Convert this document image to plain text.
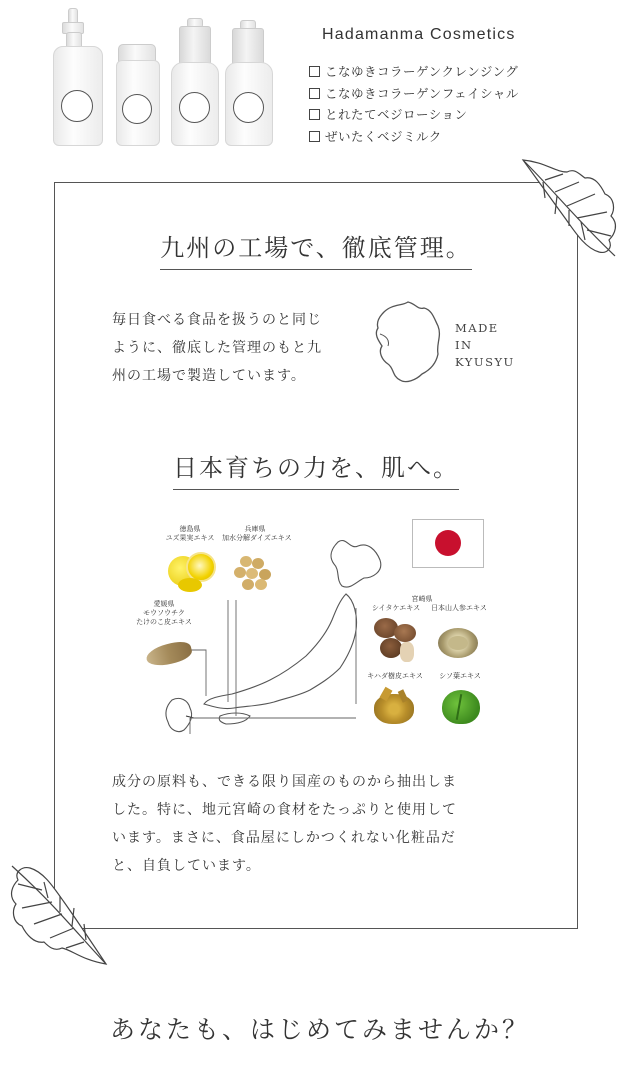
Hadamanma Cosmetics
こなゆきコラーゲンクレンジング
こなゆきコラーゲンフェイシャル
とれたてベジローション
ぜいたくベジミルク
九州の工場で、徹底管理。
毎日食べる食品を扱うのと同じ
ように、徹底した管理のもと九
州の工場で製造しています。
MADE
IN
KYUSYU
日本育ちの力を、肌へ。
徳島県
ユズ果実エキス
兵庫県
加水分解ダイズエキス
愛媛県
モウソウチク
たけのこ皮エキス
宮崎県
シイタケエキス	日本山人参エキス
キハダ樹皮エキス	シソ葉エキス
成分の原料も、できる限り国産のものから抽出しま
した。特に、地元宮崎の食材をたっぷりと使用して
います。まさに、食品屋にしかつくれない化粧品だ
と、自負しています。
あなたも、はじめてみませんか？
